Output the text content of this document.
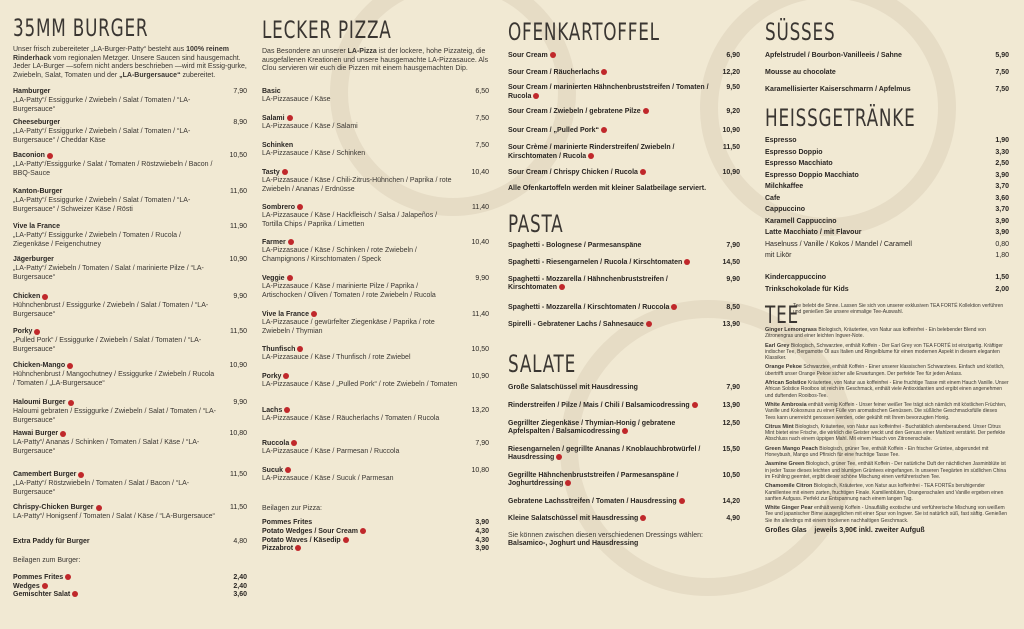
35MM BURGER

Unser frisch zubereiteter „LA-Burger-Patty“ besteht aus 100% reinem Rinderhack vom regionalen Metzger. Unsere Saucen sind hausgemacht. Jeder LA-Burger —sofern nicht anders beschrieben —wird mit Essig-gurke, Zwiebeln, Salat, Tomaten und der „LA-Burgersauce“ zubereitet.

Hamburger
„LA-Patty“/ Essiggurke / Zwiebeln / Salat / Tomaten / “LA-Burgersauce“
7,90
Cheeseburger
„LA-Patty“/ Essiggurke / Zwiebeln / Salat / Tomaten / “LA-Burgersauce“ / Cheddar Käse
8,90
Baconion
„LA-Patty“/Essiggurke / Salat / Tomaten / Röstzwiebeln / Bacon / BBQ-Sauce
10,50
Kanton-Burger
„LA-Patty“/ Essiggurke / Zwiebeln / Salat / Tomaten / “LA-Burgersauce“ / Schweizer Käse / Rösti
11,60
Vive la France
„LA-Patty“/ Essiggurke / Zwiebeln / Tomaten / Rucola / Ziegenkäse / Feigenchutney
11,90
Jägerburger
„LA-Patty“/ Zwiebeln / Tomaten / Salat / marinierte Pilze / “LA-Burgersauce“
10,90
Chicken
Hühnchenbrust / Essiggurke / Zwiebeln / Salat / Tomaten / “LA-Burgersauce“
9,90
Porky
„Pulled Pork“ / Essiggurke / Zwiebeln / Salat / Tomaten / “LA-Burgersauce“
11,50
Chicken-Mango
Hühnchenbrust / Mangochutney / Essiggurke / Zwiebeln / Rucola / Tomaten / „LA-Burgersauce“
10,90
Haloumi Burger
Haloumi gebraten / Essiggurke / Zwiebeln / Salat / Tomaten / “LA-Burgersauce“
9,90
Hawai Burger
LA-Patty“/ Ananas / Schinken / Tomaten / Salat / Käse / “LA-Burgersauce“
10,80
Camembert Burger
„LA-Patty“/ Röstzwiebeln / Tomaten / Salat / Bacon / “LA-Burgersauce“
11,50
Chrispy-Chicken Burger
LA-Patty“/ Honigsenf / Tomaten / Salat / Käse / “LA-Burgersauce“
11,50
Extra Paddy für Burger	4,80
Beilagen zum Burger:
Pommes Frites	2,40
Wedges	2,40
Gemischter Salat	3,60
LECKER PIZZA

Das Besondere an unserer LA-Pizza ist der lockere, hohe Pizzateig, die ausgefallenen Kreationen und unsere hausgemachte LA-Pizzasauce. Als Clou servieren wir euch die Pizzen mit einem hausgemachten Dip.

Basic
LA-Pizzasauce / Käse
6,50
Salami
LA-Pizzasauce / Käse / Salami
7,50
Schinken
LA-Pizzasauce / Käse / Schinken
7,50
Tasty
LA-Pizzasauce / Käse / Chili-Zitrus-Hühnchen / Paprika / rote Zwiebeln / Ananas / Erdnüsse
10,40
Sombrero
LA-Pizzasauce / Käse / Hackfleisch / Salsa / Jalapeños / Tortilla Chips / Paprika / Limetten
11,40
Farmer
LA-Pizzasauce / Käse / Schinken / rote Zwiebeln / Champignons / Kirschtomaten / Speck
10,40
Veggie
LA-Pizzasauce / Käse / marinierte Pilze / Paprika / Artischocken / Oliven / Tomaten / rote Zwiebeln / Rucola
9,90
Vive la France
LA-Pizzasauce / gewürfelter Ziegenkäse / Paprika / rote Zwiebeln / Thymian
11,40
Thunfisch
LA-Pizzasauce / Käse / Thunfisch / rote Zwiebel
10,50
Porky
LA-Pizzasauce / Käse / „Pulled Pork“ / rote Zwiebeln / Tomaten
10,90
Lachs
LA-Pizzasauce / Käse / Räucherlachs / Tomaten / Rucola
13,20
Ruccola
LA-Pizzasauce / Käse / Parmesan / Ruccola
7,90
Sucuk
LA-Pizzasauce / Käse / Sucuk / Parmesan
10,80
Beilagen zur Pizza:
Pommes Frites	3,90
Potato Wedges / Sour Cream	4,30
Potato Waves / Käsedip	4,30
Pizzabrot	3,90
OFENKARTOFFEL
Sour Cream	6,90
Sour Cream / Räucherlachs	12,20
Sour Cream / marinierten Hähnchenbruststreifen / Tomaten / Rucola
9,50
Sour Cream / Zwiebeln / gebratene Pilze	9,20
Sour Cream / „Pulled Pork“	10,90
Sour Crème / marinierte Rinderstreifen/ Zwiebeln / Kirschtomaten / Rucola
11,50
Sour Cream / Chrispy Chicken / Rucola	10,90
Alle Ofenkartoffeln werden mit kleiner Salatbeilage serviert.
PASTA
Spaghetti - Bolognese / Parmesanspäne	7,90
Spaghetti - Riesengarnelen / Rucola / Kirschtomaten	14,50
Spaghetti - Mozzarella / Hähnchenbruststreifen / Kirschtomaten
9,90
Spaghetti - Mozzarella / Kirschtomaten / Ruccola	8,50
Spirelli - Gebratener Lachs / Sahnesauce	13,90
SALATE
Große Salatschüssel mit Hausdressing	7,90
Rinderstreifen / Pilze / Mais / Chili / Balsamicodressing	13,90
Gegrillter Ziegenkäse / Thymian-Honig / gebratene Apfelspalten / Balsamicodressing
12,50
Riesengarnelen / gegrillte Ananas / Knoblauchbrotwürfel / Hausdressing
15,50
Gegrillte Hähnchenbruststreifen / Parmesanspäne / Joghurtdressing
10,50
Gebratene Lachsstreifen / Tomaten / Hausdressing	14,20
Kleine Salatschüssel mit Hausdressing	4,90
Sie können zwischen diesen verschiedenen Dressings wählen:
Balsamico-, Joghurt und Hausdressing
SÜSSES
Apfelstrudel / Bourbon-Vanilleeis / Sahne	5,90
Mousse au chocolate	7,50
Karamellisierter Kaiserschmarrn / Apfelmus	7,50
HEISSGETRÄNKE
Espresso	1,90
Espresso Doppio	3,30
Espresso Macchiato	2,50
Espresso Doppio Macchiato	3,90
Milchkaffee	3,70
Cafe	3,60
Cappuccino	3,70
Karamell Cappuccino	3,90
Latte Macchiato / mit Flavour	3,90
Haselnuss / Vanille / Kokos / Mandel / Caramell	0,80
mit Likör	1,80
Kindercappuccino	1,50
Trinkschokolade für Kids	2,00
TEE
Tee belebt die Sinne. Lassen Sie sich von unserer exklusiven TEA FORTÉ Kollektion verführen und genießen Sie unsere einmalige Tee-Auswahl.
Ginger Lemongrass Biologisch, Kräutertee, von Natur aus koffeinfrei - Ein belebender Blend von Zitronengras und einer leichten Ingwer-Note.
Earl Grey Biologisch, Schwarztee, enthält Koffein - Der Earl Grey von TEA FORTÉ ist einzigartig. Kräftiger indischer Tee, Bergamotte Öl aus Italien und Ringelblume für einen modernen Aspekt in diesem eleganten Klassiker.
Orange Pekoe Schwarztee, enthält Koffein - Einer unserer klassischen Schwarztees. Einfach und köstlich, übertrifft unser Orange Pekoe sicher alle Erwartungen. Der perfekte Tee für jeden Anlass.
African Solstice Kräutertee, von Natur aus koffeinfrei - Eine fruchtige Tasse mit einem Hauch Vanille. Unser African Solstice Rooibos ist reich im Geschmack, enthält viele Antioxidantien und ergibt einen angenehmen und duftenden Rooibos-Tee.
White Ambrosia enthält wenig Koffein - Unser feiner weißer Tee trägt sich nämlich mit köstlichen Früchten, Vanille und Kokosnuss zu einer Fülle von aromatischen Genüssen. Die süßliche Geschmacksfülle dieses Tees kann unerreicht genossen werden, oder gekühlt mit Ihrem bevorzugten Honig.
Citrus Mint Biologisch, Kräutertee, von Natur aus koffeinfrei - Buchstäblich atemberaubend. Unser Citrus Mint bietet eine Frische, die wirklich die Geister weckt und den Genuss einer Mahlzeit verstärkt. Der perfekte Abschluss nach einem üppigen Mahl. Mit einem Hauch von Zitronenschale.
Green Mango Peach Biologisch, grüner Tee, enthält Koffein - Ein frischer Grüntee, abgerundet mit Honeybush, Mango und Pfirsich für eine fruchtige Tasse Tee.
Jasmine Green Biologisch, grüner Tee, enthält Koffein - Der natürliche Duft der nächtlichen Jasminblüte ist in jeder Tasse dieses leichten und blumigen Grüntees eingefangen. In unseren Teegärten im südlichen China im Frühling geerntet, ergibt dieser schöne Mischung einen verführerischen Tee.
Chamomile Citron Biologisch, Kräutertee, von Natur aus koffeinfrei - TEA FORTÉs beruhigender Kamillentee mit einem zarten, fruchtigen Finale. Kamillenblüten, Orangenschalen und Vanille ergeben einen sanften Aufguss. Perfekt zur Entspannung nach einem langen Tag.
White Ginger Pear enthält wenig Koffein - Unauflällig exotische und verführerische Mischung von weißem Tee und japanischer Birne ausgeglichen mit einer Spur von Ingwer. Sie ist natürlich süß, fast säftig. Genießen Sie ihn allerdings mit einem trockenen nachhaltigen Geschmack.
Großes Glas jeweils 3,90€ inkl. zweiter Aufguß
